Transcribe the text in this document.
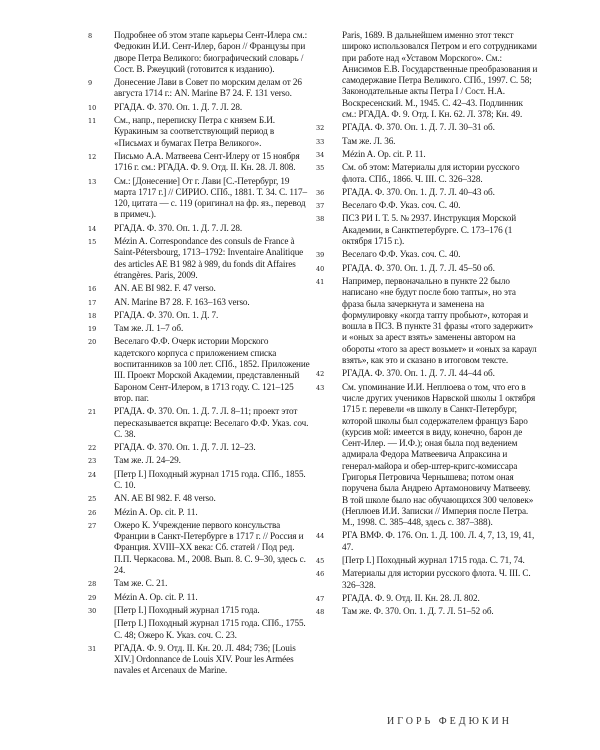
8	Подробнее об этом этапе карьеры Сент-Илера см.: Федюкин И.И. Сент-Илер, барон // Французы при дворе Петра Великого: биографический словарь / Сост. В. Ржеуцкий (готовится к изданию).
9	Донесение Лави в Совет по морским делам от 26 августа 1714 г.: AN. Marine B7 24. F. 131 verso.
10	РГАДА. Ф. 370. Оп. 1. Д. 7. Л. 28.
11	См., напр., переписку Петра с князем Б.И. Куракиным за соответствующий период в «Письмах и бумагах Петра Великого».
12	Письмо А.А. Матвеева Сент-Илеру от 15 ноября 1716 г. см.: РГАДА. Ф. 9. Отд. II. Кн. 28. Л. 808.
13	См.: [Донесение] От г. Лави [С.-Петербург, 19 марта 1717 г.] // СИРИО. СПб., 1881. Т. 34. С. 117–120, цитата — с. 119 (оригинал на фр. яз., перевод в примеч.).
14	РГАДА. Ф. 370. Оп. 1. Д. 7. Л. 28.
15	Mézin A. Correspondance des consuls de France à Saint-Pétersbourg, 1713–1792: Inventaire Analitique des articles AE B1 982 à 989, du fonds dit Affaires étrangères. Paris, 2009.
16	AN. AE BI 982. F. 47 verso.
17	AN. Marine B7 28. F. 163–163 verso.
18	РГАДА. Ф. 370. Оп. 1. Д. 7.
19	Там же. Л. 1–7 об.
20	Веселаго Ф.Ф. Очерк истории Морского кадетского корпуса с приложением списка воспитанников за 100 лет. СПб., 1852. Приложение III. Проект Морской Академии, представленный Бароном Сент-Илером, в 1713 году. С. 121–125 втор. паг.
21	РГАДА. Ф. 370. Оп. 1. Д. 7. Л. 8–11; проект этот пересказывается вкратце: Веселаго Ф.Ф. Указ. соч. С. 38.
22	РГАДА. Ф. 370. Оп. 1. Д. 7. Л. 12–23.
23	Там же. Л. 24–29.
24	[Петр I.] Походный журнал 1715 года. СПб., 1855. С. 10.
25	AN. AE BI 982. F. 48 verso.
26	Mézin A. Op. cit. P. 11.
27	Ожеро К. Учреждение первого консульства Франции в Санкт-Петербурге в 1717 г. // Россия и Франция. XVIII–XX века: Сб. статей / Под ред. П.П. Черкасова. М., 2008. Вып. 8. С. 9–30, здесь с. 24.
28	Там же. С. 21.
29	Mézin A. Op. cit. P. 11.
30	[Петр I.] Походный журнал 1715 года.
[Петр I.] Походный журнал 1715 года. СПб., 1755. С. 48; Ожеро К. Указ. соч. С. 23.
31	РГАДА. Ф. 9. Отд. II. Кн. 20. Л. 484; 736; [Louis XIV.] Ordonnance de Louis XIV. Pour les Armées navales et Arcenaux de Marine.
Paris, 1689. В дальнейшем именно этот текст широко использовался Петром и его сотрудниками при работе над «Уставом Морского». См.: Анисимов Е.В. Государственные преобразования и самодержавие Петра Великого. СПб., 1997. С. 58; Законодательные акты Петра I / Сост. Н.А. Воскресенский. М., 1945. С. 42–43. Подлинник см.: РГАДА. Ф. 9. Отд. I. Кн. 62. Л. 378; Кн. 49.
32	РГАДА. Ф. 370. Оп. 1. Д. 7. Л. 30–31 об.
33	Там же. Л. 36.
34	Mézin A. Op. cit. P. 11.
35	См. об этом: Материалы для истории русского флота. СПб., 1866. Ч. III. С. 326–328.
36	РГАДА. Ф. 370. Оп. 1. Д. 7. Л. 40–43 об.
37	Веселаго Ф.Ф. Указ. соч. С. 40.
38	ПСЗ РИ I. Т. 5. № 2937. Инструкция Морской Академии, в Санктпетербурге. С. 173–176 (1 октября 1715 г.).
39	Веселаго Ф.Ф. Указ. соч. С. 40.
40	РГАДА. Ф. 370. Оп. 1. Д. 7. Л. 45–50 об.
41	Например, первоначально в пункте 22 было написано «не будут после бою тапты», но эта фраза была зачеркнута и заменена на формулировку «когда тапту пробьют», которая и вошла в ПСЗ. В пункте 31 фразы «того задержит» и «оных за арест взять» заменены автором на обороты «того за арест возьмет» и «оных за караул взять», как это и сказано в итоговом тексте.
42	РГАДА. Ф. 370. Оп. 1. Д. 7. Л. 44–44 об.
43	См. упоминание И.И. Неплюева о том, что его в числе других учеников Нарвской школы 1 октября 1715 г. перевели «в школу в Санкт-Петербург, которой школы был содержателем француз Баро (курсив мой: имеется в виду, конечно, барон де Сент-Илер. — И.Ф.); оная была под ведением адмирала Федора Матвеевича Апраксина и генерал-майора и обер-штер-кригс-комиссара Григорья Петровича Чернышева; потом оная поручена была Андрею Артамоновичу Матвееву. В той школе было нас обучающихся 300 человек» (Неплюев И.И. Записки // Империя после Петра. М., 1998. С. 385–448, здесь с. 387–388).
44	РГА ВМФ. Ф. 176. Оп. 1. Д. 100. Л. 4, 7, 13, 19, 41, 47.
45	[Петр I.] Походный журнал 1715 года. С. 71, 74.
46	Материалы для истории русского флота. Ч. III. С. 326–328.
47	РГАДА. Ф. 9. Отд. II. Кн. 28. Л. 802.
48	Там же. Ф. 370. Оп. 1. Д. 7. Л. 51–52 об.
ИГОРЬ ФЕДЮКИН
